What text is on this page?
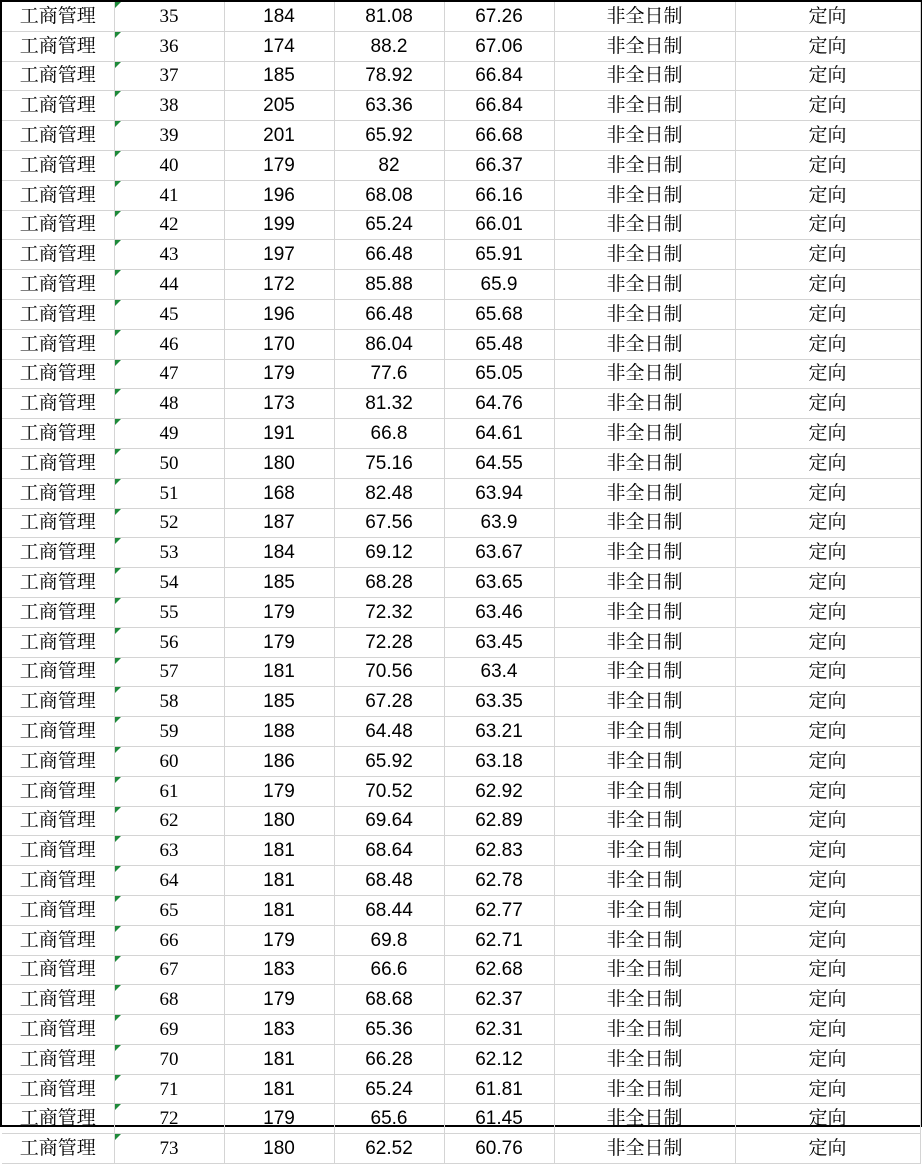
工商管理	35	184	81.08	67.26	非全日制	定向
工商管理	36	174	88.2	67.06	非全日制	定向
工商管理	37	185	78.92	66.84	非全日制	定向
工商管理	38	205	63.36	66.84	非全日制	定向
工商管理	39	201	65.92	66.68	非全日制	定向
工商管理	40	179	82	66.37	非全日制	定向
工商管理	41	196	68.08	66.16	非全日制	定向
工商管理	42	199	65.24	66.01	非全日制	定向
工商管理	43	197	66.48	65.91	非全日制	定向
工商管理	44	172	85.88	65.9	非全日制	定向
工商管理	45	196	66.48	65.68	非全日制	定向
工商管理	46	170	86.04	65.48	非全日制	定向
工商管理	47	179	77.6	65.05	非全日制	定向
工商管理	48	173	81.32	64.76	非全日制	定向
工商管理	49	191	66.8	64.61	非全日制	定向
工商管理	50	180	75.16	64.55	非全日制	定向
工商管理	51	168	82.48	63.94	非全日制	定向
工商管理	52	187	67.56	63.9	非全日制	定向
工商管理	53	184	69.12	63.67	非全日制	定向
工商管理	54	185	68.28	63.65	非全日制	定向
工商管理	55	179	72.32	63.46	非全日制	定向
工商管理	56	179	72.28	63.45	非全日制	定向
工商管理	57	181	70.56	63.4	非全日制	定向
工商管理	58	185	67.28	63.35	非全日制	定向
工商管理	59	188	64.48	63.21	非全日制	定向
工商管理	60	186	65.92	63.18	非全日制	定向
工商管理	61	179	70.52	62.92	非全日制	定向
工商管理	62	180	69.64	62.89	非全日制	定向
工商管理	63	181	68.64	62.83	非全日制	定向
工商管理	64	181	68.48	62.78	非全日制	定向
工商管理	65	181	68.44	62.77	非全日制	定向
工商管理	66	179	69.8	62.71	非全日制	定向
工商管理	67	183	66.6	62.68	非全日制	定向
工商管理	68	179	68.68	62.37	非全日制	定向
工商管理	69	183	65.36	62.31	非全日制	定向
工商管理	70	181	66.28	62.12	非全日制	定向
工商管理	71	181	65.24	61.81	非全日制	定向
工商管理	72	179	65.6	61.45	非全日制	定向
工商管理	73	180	62.52	60.76	非全日制	定向
